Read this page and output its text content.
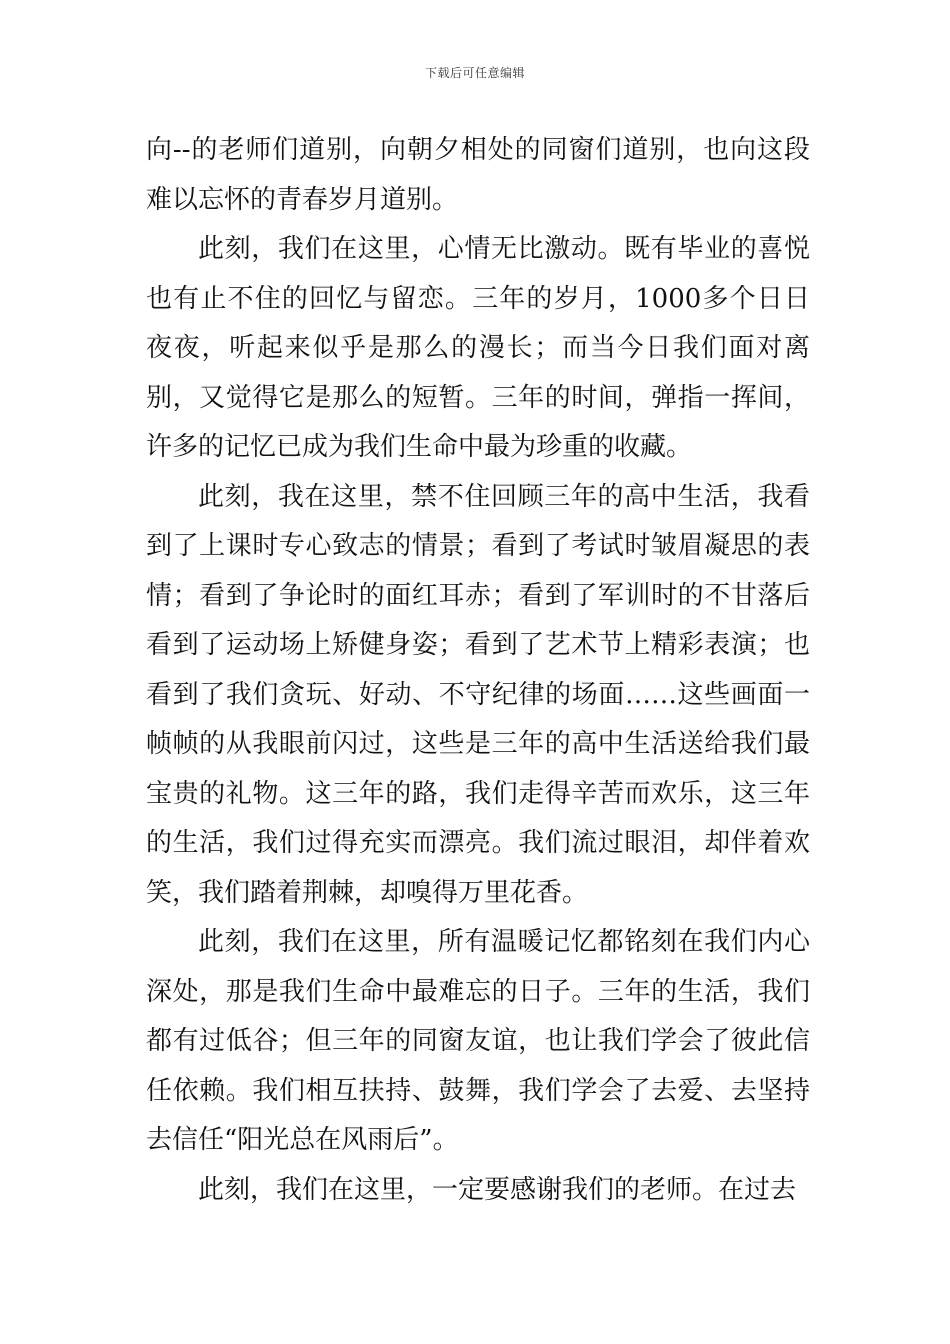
下载后可任意编辑

向--的老师们道别，向朝夕相处的同窗们道别，也向这段难以忘怀的青春岁月道别。

此刻，我们在这里，心情无比激动。既有毕业的喜悦也有止不住的回忆与留恋。三年的岁月，1000多个日日夜夜，听起来似乎是那么的漫长；而当今日我们面对离别，又觉得它是那么的短暂。三年的时间，弹指一挥间，许多的记忆已成为我们生命中最为珍重的收藏。

此刻，我在这里，禁不住回顾三年的高中生活，我看到了上课时专心致志的情景；看到了考试时皱眉凝思的表情；看到了争论时的面红耳赤；看到了军训时的不甘落后看到了运动场上矫健身姿；看到了艺术节上精彩表演；也看到了我们贪玩、好动、不守纪律的场面……这些画面一帧帧的从我眼前闪过，这些是三年的高中生活送给我们最宝贵的礼物。这三年的路，我们走得辛苦而欢乐，这三年的生活，我们过得充实而漂亮。我们流过眼泪，却伴着欢笑，我们踏着荆棘，却嗅得万里花香。

此刻，我们在这里，所有温暖记忆都铭刻在我们内心深处，那是我们生命中最难忘的日子。三年的生活，我们都有过低谷；但三年的同窗友谊，也让我们学会了彼此信任依赖。我们相互扶持、鼓舞，我们学会了去爱、去坚持去信任“阳光总在风雨后”。

此刻，我们在这里，一定要感谢我们的老师。在过去
